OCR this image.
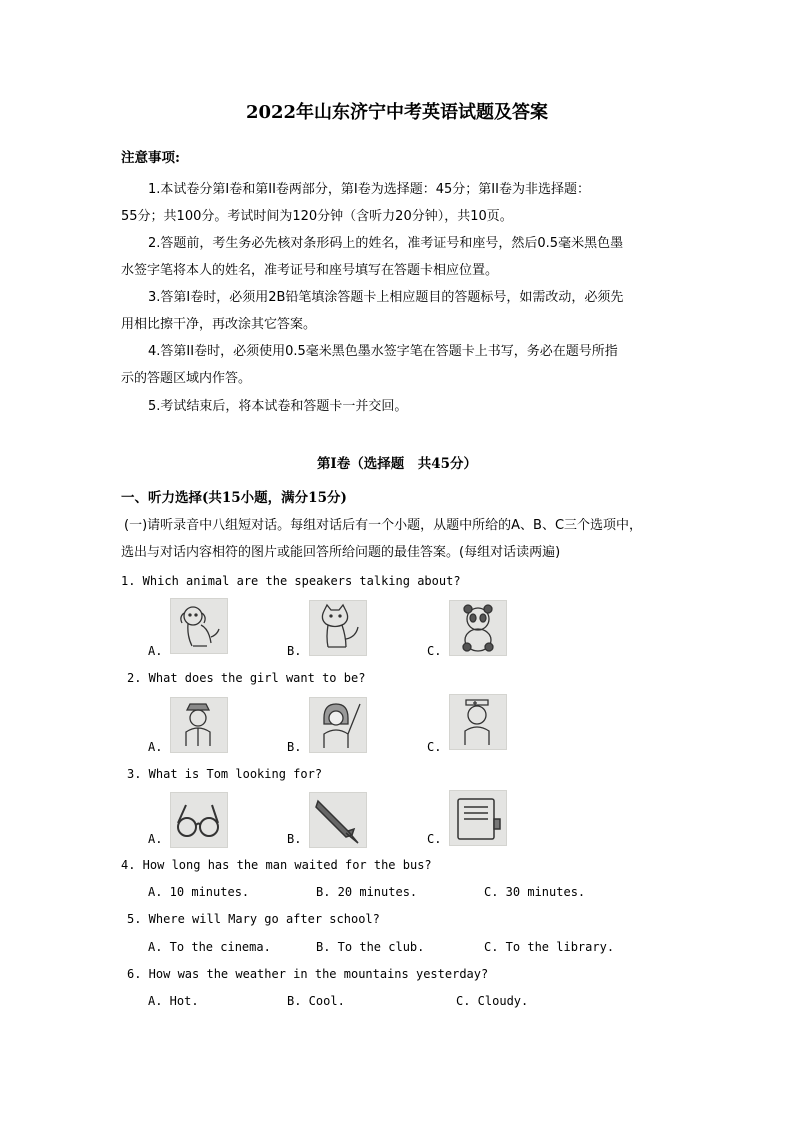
2022年山东济宁中考英语试题及答案
注意事项:
1.本试卷分第I卷和第II卷两部分，第I卷为选择题：45分；第II卷为非选择题：
55分；共100分。考试时间为120分钟（含听力20分钟），共10页。
2.答题前，考生务必先核对条形码上的姓名，准考证号和座号，然后0.5毫米黑色墨
水签字笔将本人的姓名，准考证号和座号填写在答题卡相应位置。
3.答第I卷时，必须用2B铅笔填涂答题卡上相应题目的答题标号，如需改动，必须先
用相比擦干净，再改涂其它答案。
4.答第II卷时，必须使用0.5毫米黑色墨水签字笔在答题卡上书写，务必在题号所指
示的答题区域内作答。
5.考试结束后，将本试卷和答题卡一并交回。
第I卷（选择题　共45分）
一、听力选择(共15小题，满分15分)
(一)请听录音中八组短对话。每组对话后有一个小题，从题中所给的A、B、C三个选项中，
选出与对话内容相符的图片或能回答所给问题的最佳答案。(每组对话读两遍)
1. Which animal are the speakers talking about?
A.	B.	C.
2. What does the girl want to be?
A.	B.	C.
3. What is Tom looking for?
A.	B.	C.
4. How long has the man waited for the bus?
A. 10 minutes.	B. 20 minutes.	C. 30 minutes.
5. Where will Mary go after school?
A. To the cinema.	B. To the club.	C. To the library.
6. How was the weather in the mountains yesterday?
A. Hot.	B. Cool.	C. Cloudy.
